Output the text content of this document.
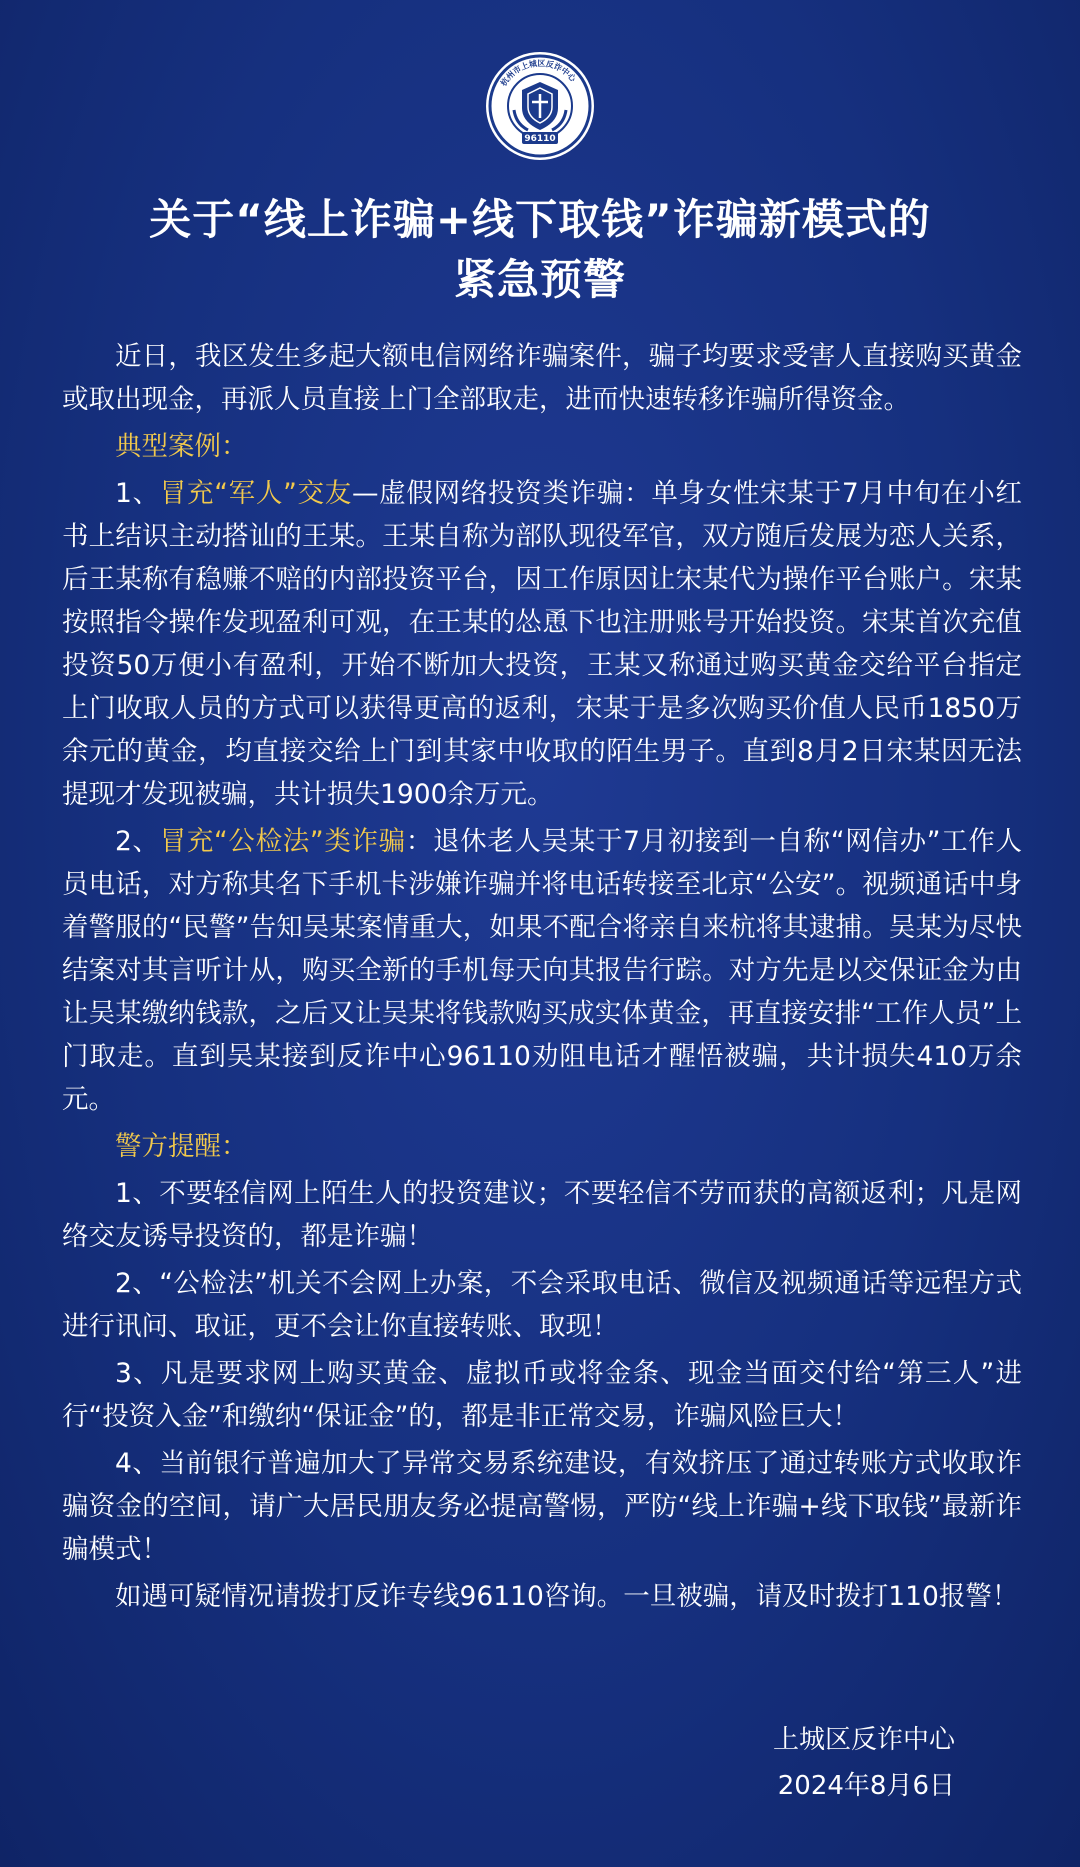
杭州市上城区反诈中心
96110
关于“线上诈骗+线下取钱”诈骗新模式的
紧急预警

近日，我区发生多起大额电信网络诈骗案件，骗子均要求受害人直接购买黄金或取出现金，再派人员直接上门全部取走，进而快速转移诈骗所得资金。

典型案例：

1、冒充“军人”交友—虚假网络投资类诈骗：单身女性宋某于7月中旬在小红书上结识主动搭讪的王某。王某自称为部队现役军官，双方随后发展为恋人关系，后王某称有稳赚不赔的内部投资平台，因工作原因让宋某代为操作平台账户。宋某按照指令操作发现盈利可观，在王某的怂恿下也注册账号开始投资。宋某首次充值投资50万便小有盈利，开始不断加大投资，王某又称通过购买黄金交给平台指定上门收取人员的方式可以获得更高的返利，宋某于是多次购买价值人民币1850万余元的黄金，均直接交给上门到其家中收取的陌生男子。直到8月2日宋某因无法提现才发现被骗，共计损失1900余万元。

2、冒充“公检法”类诈骗：退休老人吴某于7月初接到一自称“网信办”工作人员电话，对方称其名下手机卡涉嫌诈骗并将电话转接至北京“公安”。视频通话中身着警服的“民警”告知吴某案情重大，如果不配合将亲自来杭将其逮捕。吴某为尽快结案对其言听计从，购买全新的手机每天向其报告行踪。对方先是以交保证金为由让吴某缴纳钱款，之后又让吴某将钱款购买成实体黄金，再直接安排“工作人员”上门取走。直到吴某接到反诈中心96110劝阻电话才醒悟被骗，共计损失410万余元。

警方提醒：

1、不要轻信网上陌生人的投资建议；不要轻信不劳而获的高额返利；凡是网络交友诱导投资的，都是诈骗！

2、“公检法”机关不会网上办案，不会采取电话、微信及视频通话等远程方式进行讯问、取证，更不会让你直接转账、取现！

3、凡是要求网上购买黄金、虚拟币或将金条、现金当面交付给“第三人”进行“投资入金”和缴纳“保证金”的，都是非正常交易，诈骗风险巨大！

4、当前银行普遍加大了异常交易系统建设，有效挤压了通过转账方式收取诈骗资金的空间，请广大居民朋友务必提高警惕，严防“线上诈骗+线下取钱”最新诈骗模式！

如遇可疑情况请拨打反诈专线96110咨询。一旦被骗，请及时拨打110报警！

上城区反诈中心
2024年8月6日
